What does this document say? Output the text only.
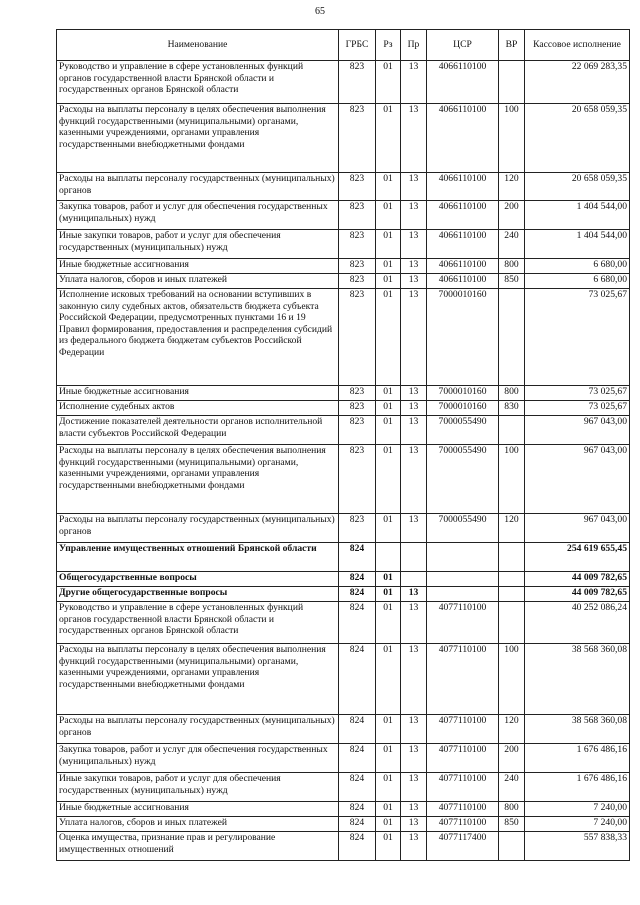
65
Наименование	ГРБС	Рз	Пр	ЦСР	ВР	Кассовое исполнение
Руководство и управление в сфере установленных функций органов государственной власти Брянской области и государственных органов Брянской области	823	01	13	4066110100		22 069 283,35
Расходы на выплаты персоналу в целях обеспечения выполнения функций государственными (муниципальными) органами, казенными учреждениями, органами управления государственными внебюджетными фондами	823	01	13	4066110100	100	20 658 059,35
Расходы на выплаты персоналу государственных (муниципальных) органов	823	01	13	4066110100	120	20 658 059,35
Закупка товаров, работ и услуг для обеспечения государственных (муниципальных) нужд	823	01	13	4066110100	200	1 404 544,00
Иные закупки товаров, работ и услуг для обеспечения государственных (муниципальных) нужд	823	01	13	4066110100	240	1 404 544,00
Иные бюджетные ассигнования	823	01	13	4066110100	800	6 680,00
Уплата налогов, сборов и иных платежей	823	01	13	4066110100	850	6 680,00
Исполнение исковых требований на основании вступивших в законную силу судебных актов, обязательств бюджета субъекта Российской Федерации, предусмотренных пунктами 16 и 19 Правил формирования, предоставления и распределения субсидий из федерального бюджета бюджетам субъектов Российской Федерации	823	01	13	7000010160		73 025,67
Иные бюджетные ассигнования	823	01	13	7000010160	800	73 025,67
Исполнение судебных актов	823	01	13	7000010160	830	73 025,67
Достижение показателей деятельности органов исполнительной власти субъектов Российской Федерации	823	01	13	7000055490		967 043,00
Расходы на выплаты персоналу в целях обеспечения выполнения функций государственными (муниципальными) органами, казенными учреждениями, органами управления государственными внебюджетными фондами	823	01	13	7000055490	100	967 043,00
Расходы на выплаты персоналу государственных (муниципальных) органов	823	01	13	7000055490	120	967 043,00
Управление имущественных отношений Брянской области	824					254 619 655,45
Общегосударственные вопросы	824	01				44 009 782,65
Другие общегосударственные вопросы	824	01	13			44 009 782,65
Руководство и управление в сфере установленных функций органов государственной власти Брянской области и государственных органов Брянской области	824	01	13	4077110100		40 252 086,24
Расходы на выплаты персоналу в целях обеспечения выполнения функций государственными (муниципальными) органами, казенными учреждениями, органами управления государственными внебюджетными фондами	824	01	13	4077110100	100	38 568 360,08
Расходы на выплаты персоналу государственных (муниципальных) органов	824	01	13	4077110100	120	38 568 360,08
Закупка товаров, работ и услуг для обеспечения государственных (муниципальных) нужд	824	01	13	4077110100	200	1 676 486,16
Иные закупки товаров, работ и услуг для обеспечения государственных (муниципальных) нужд	824	01	13	4077110100	240	1 676 486,16
Иные бюджетные ассигнования	824	01	13	4077110100	800	7 240,00
Уплата налогов, сборов и иных платежей	824	01	13	4077110100	850	7 240,00
Оценка имущества, признание прав и регулирование имущественных отношений	824	01	13	4077117400		557 838,33
